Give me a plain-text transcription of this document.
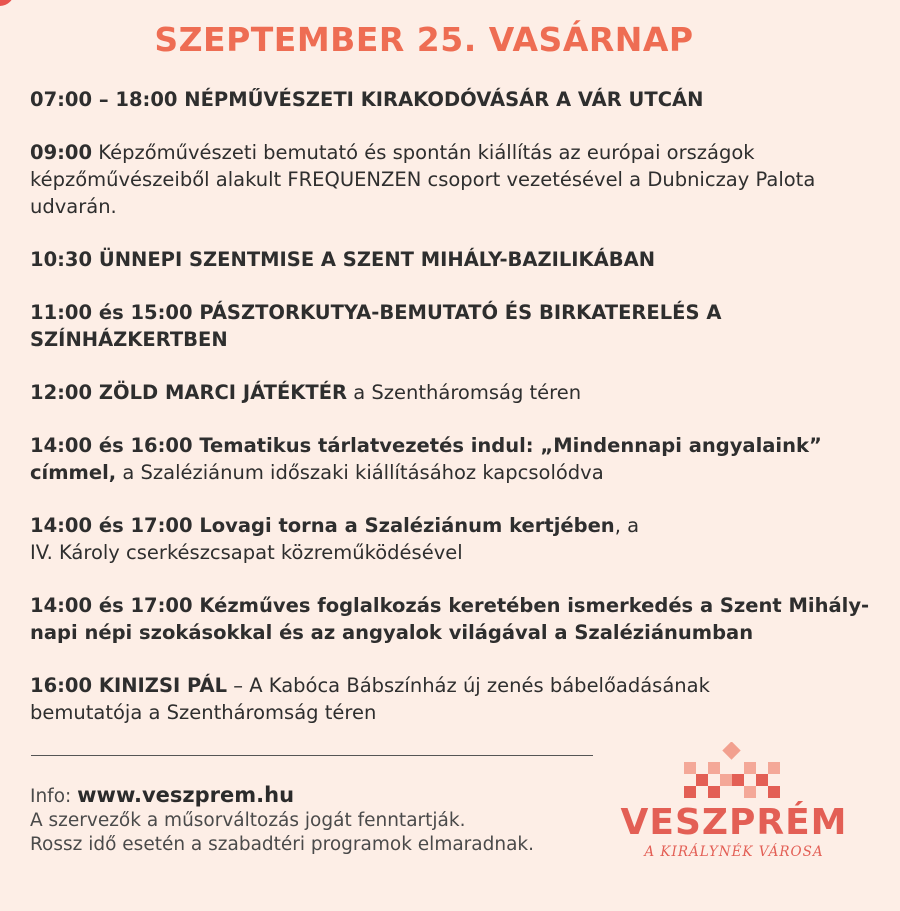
SZEPTEMBER 25. VASÁRNAP
07:00 – 18:00 NÉPMŰVÉSZETI KIRAKODÓVÁSÁR A VÁR UTCÁN
09:00 Képzőművészeti bemutató és spontán kiállítás az európai országok képzőművészeiből alakult FREQUENZEN csoport vezetésével a Dubniczay Palota udvarán.
10:30 ÜNNEPI SZENTMISE A SZENT MIHÁLY-BAZILIKÁBAN
11:00 és 15:00 PÁSZTORKUTYA-BEMUTATÓ ÉS BIRKATERELÉS A SZÍNHÁZKERTBEN
12:00 ZÖLD MARCI JÁTÉKTÉR a Szentháromság téren
14:00 és 16:00 Tematikus tárlatvezetés indul: „Mindennapi angyalaink” címmel, a Szaléziánum időszaki kiállításához kapcsolódva
14:00 és 17:00 Lovagi torna a Szaléziánum kertjében, a IV. Károly cserkészcsapat közreműködésével
14:00 és 17:00 Kézműves foglalkozás keretében ismerkedés a Szent Mihály-napi népi szokásokkal és az angyalok világával a Szaléziánumban
16:00 KINIZSI PÁL – A Kabóca Bábszínház új zenés bábelőadásának bemutatója a Szentháromság téren
Info: www.veszprem.hu
A szervezők a műsorváltozás jogát fenntartják.
Rossz idő esetén a szabadtéri programok elmaradnak.
VESZPRÉM
A KIRÁLYNÉK VÁROSA
